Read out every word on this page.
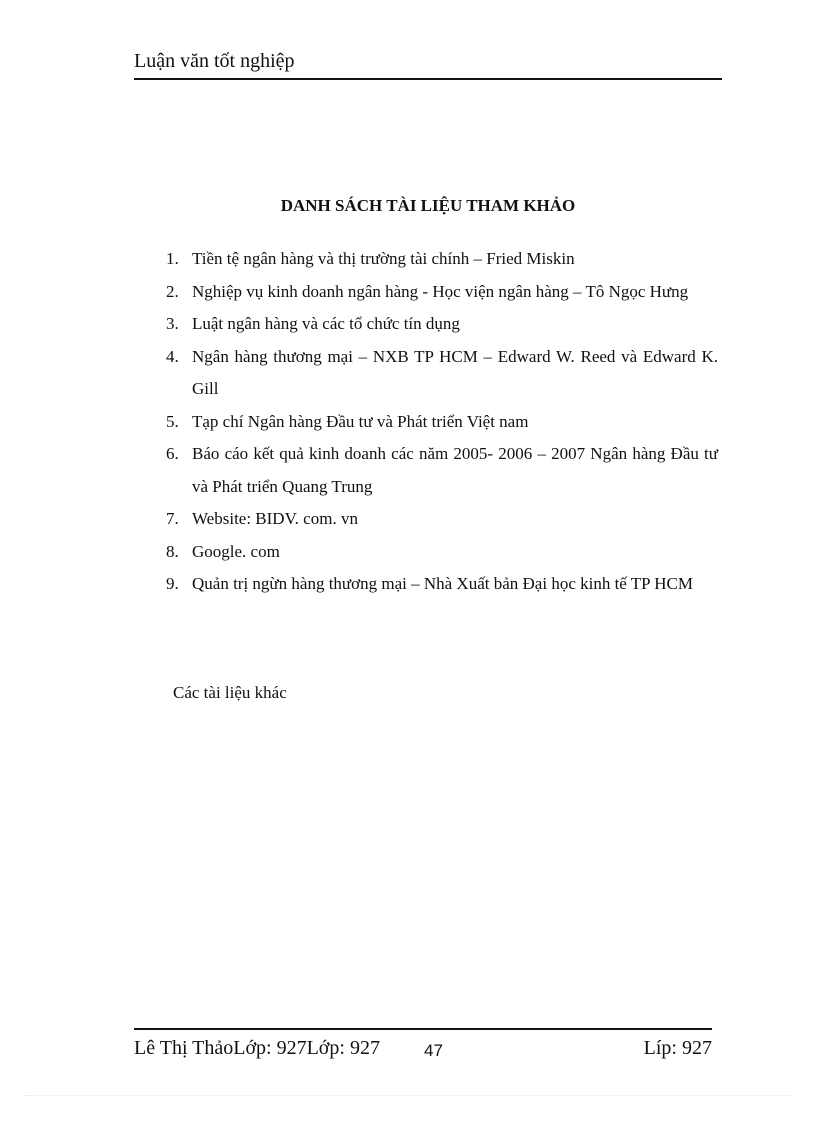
Luận văn tốt nghiệp
DANH SÁCH TÀI LIỆU THAM KHẢO
1. Tiền tệ ngân hàng và thị trường tài chính – Fried Miskin
2. Nghiệp vụ kinh doanh ngân hàng - Học viện ngân hàng – Tô Ngọc Hưng
3. Luật ngân hàng và các tổ chức tín dụng
4. Ngân hàng thương mại – NXB TP HCM – Edward W. Reed và Edward K. Gill
5. Tạp chí Ngân hàng Đầu tư và Phát triển Việt nam
6. Báo cáo kết quả kinh doanh các năm 2005- 2006 – 2007 Ngân hàng Đầu tư và Phát triển Quang Trung
7. Website: BIDV. com. vn
8. Google. com
9. Quản trị ngừn hàng thương mại – Nhà Xuất bản Đại học kinh tế TP HCM
Các tài liệu khác
Lê Thị ThảoLớp: 927Lớp: 927	47	Líp: 927
